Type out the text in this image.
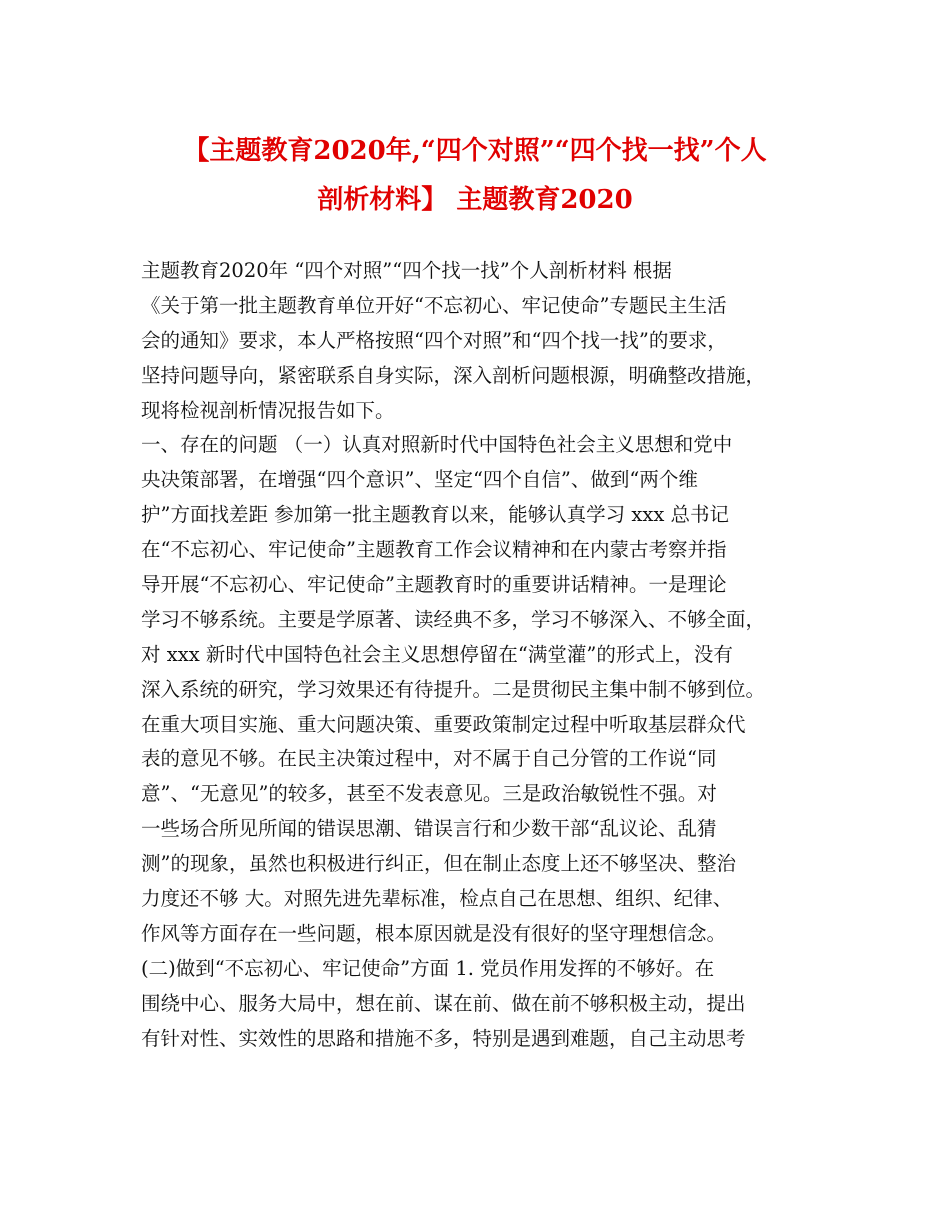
【主题教育2020年,“四个对照”“四个找一找”个人
剖析材料】 主题教育2020
主题教育2020年 “四个对照”“四个找一找”个人剖析材料 根据
《关于第一批主题教育单位开好“不忘初心、牢记使命”专题民主生活
会的通知》要求，本人严格按照“四个对照”和“四个找一找”的要求，
坚持问题导向，紧密联系自身实际，深入剖析问题根源，明确整改措施，
现将检视剖析情况报告如下。
一、存在的问题 （一）认真对照新时代中国特色社会主义思想和党中
央决策部署，在增强“四个意识”、坚定“四个自信”、做到“两个维
护”方面找差距 参加第一批主题教育以来，能够认真学习 xxx 总书记
在“不忘初心、牢记使命”主题教育工作会议精神和在内蒙古考察并指
导开展“不忘初心、牢记使命”主题教育时的重要讲话精神。一是理论
学习不够系统。主要是学原著、读经典不多，学习不够深入、不够全面，
对 xxx 新时代中国特色社会主义思想停留在“满堂灌”的形式上，没有
深入系统的研究，学习效果还有待提升。二是贯彻民主集中制不够到位。
在重大项目实施、重大问题决策、重要政策制定过程中听取基层群众代
表的意见不够。在民主决策过程中，对不属于自己分管的工作说“同
意”、“无意见”的较多，甚至不发表意见。三是政治敏锐性不强。对
一些场合所见所闻的错误思潮、错误言行和少数干部“乱议论、乱猜
测”的现象，虽然也积极进行纠正，但在制止态度上还不够坚决、整治
力度还不够 大。对照先进先辈标准，检点自己在思想、组织、纪律、
作风等方面存在一些问题，根本原因就是没有很好的坚守理想信念。
(二)做到“不忘初心、牢记使命”方面 1. 党员作用发挥的不够好。在
围绕中心、服务大局中，想在前、谋在前、做在前不够积极主动，提出
有针对性、实效性的思路和措施不多，特别是遇到难题，自己主动思考
